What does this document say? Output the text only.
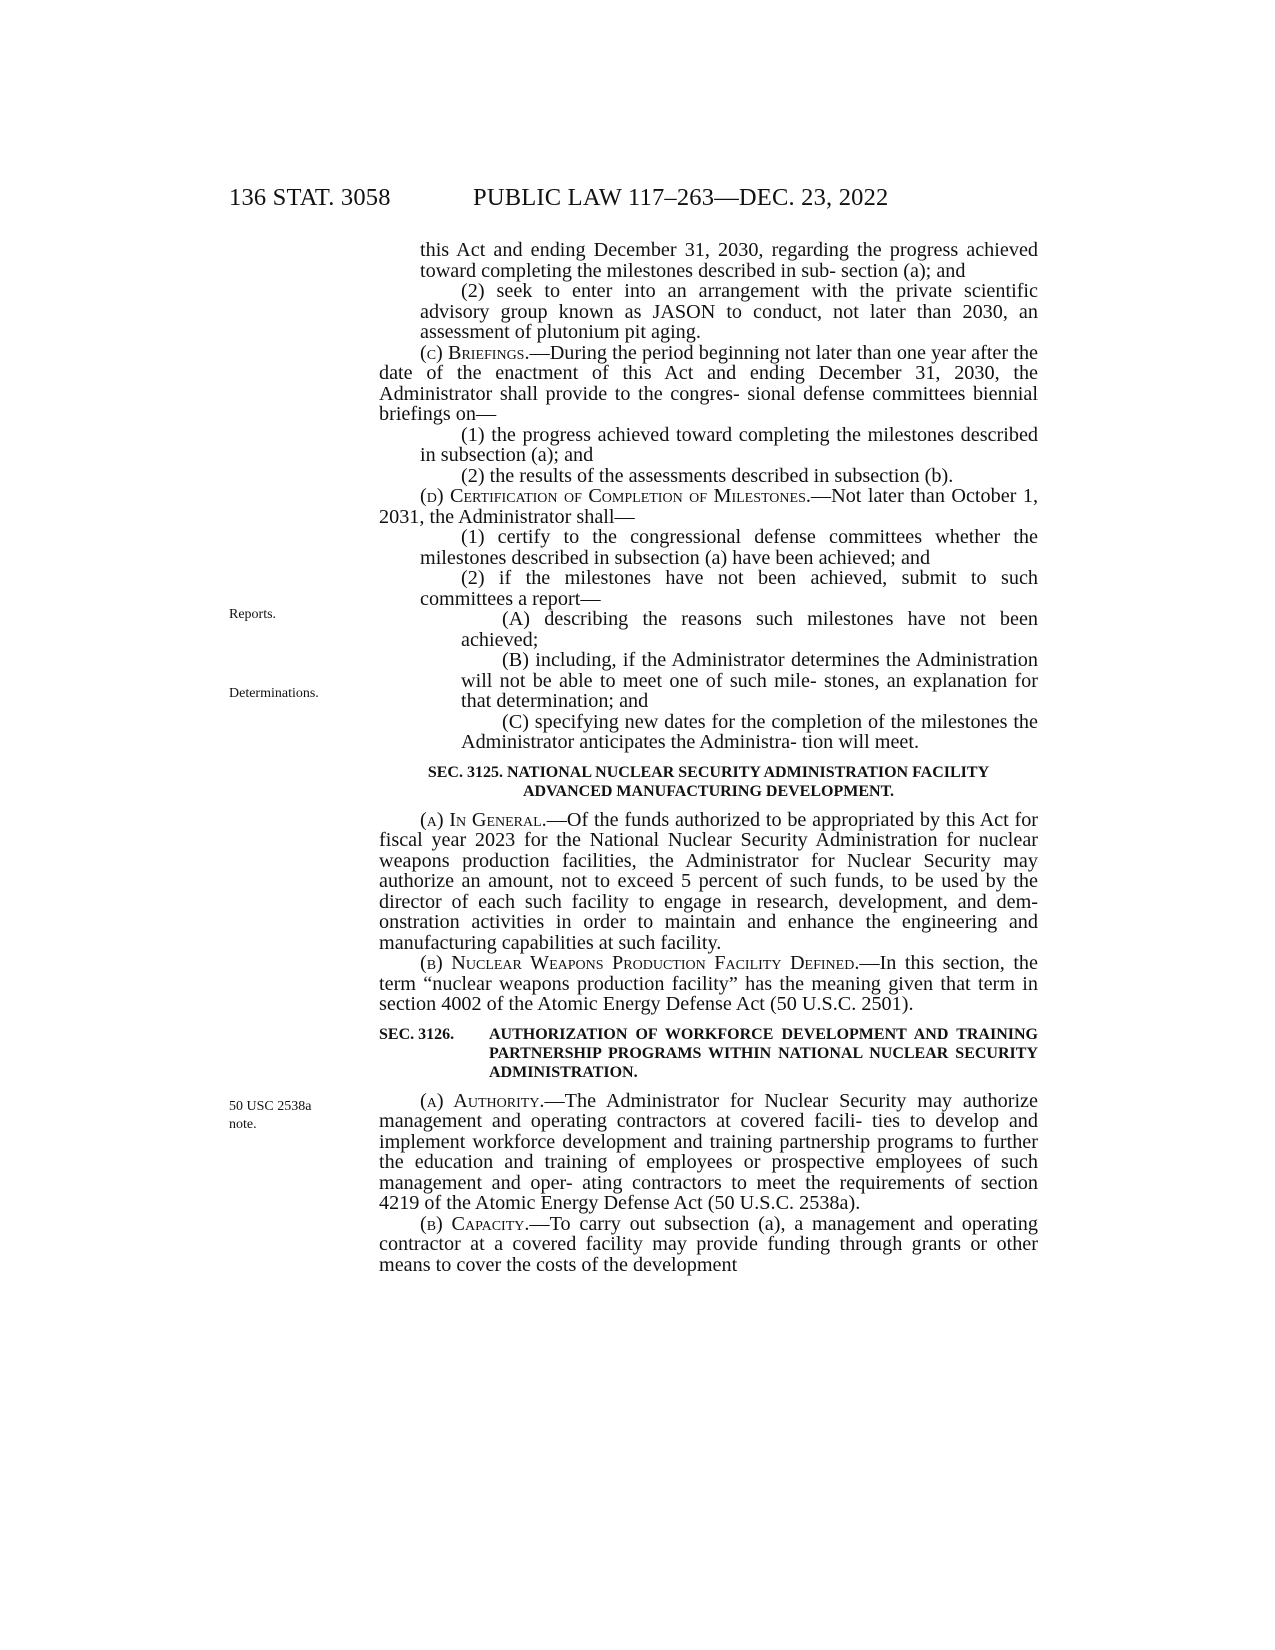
136 STAT. 3058	PUBLIC LAW 117–263—DEC. 23, 2022
Reports.
Determinations.
50 USC 2538a
note.

this Act and ending December 31, 2030, regarding the progress achieved toward completing the milestones described in sub- section (a); and

(2) seek to enter into an arrangement with the private scientific advisory group known as JASON to conduct, not later than 2030, an assessment of plutonium pit aging.

(c) Briefings.—During the period beginning not later than one year after the date of the enactment of this Act and ending December 31, 2030, the Administrator shall provide to the congres- sional defense committees biennial briefings on—

(1) the progress achieved toward completing the milestones described in subsection (a); and

(2) the results of the assessments described in subsection (b).

(d) Certification of Completion of Milestones.—Not later than October 1, 2031, the Administrator shall—

(1) certify to the congressional defense committees whether the milestones described in subsection (a) have been achieved; and

(2) if the milestones have not been achieved, submit to such committees a report—

(A) describing the reasons such milestones have not been achieved;

(B) including, if the Administrator determines the Administration will not be able to meet one of such mile- stones, an explanation for that determination; and

(C) specifying new dates for the completion of the milestones the Administrator anticipates the Administra- tion will meet.

SEC. 3125. NATIONAL NUCLEAR SECURITY ADMINISTRATION FACILITY
ADVANCED MANUFACTURING DEVELOPMENT.

(a) In General.—Of the funds authorized to be appropriated by this Act for fiscal year 2023 for the National Nuclear Security Administration for nuclear weapons production facilities, the Administrator for Nuclear Security may authorize an amount, not to exceed 5 percent of such funds, to be used by the director of each such facility to engage in research, development, and dem- onstration activities in order to maintain and enhance the engineering and manufacturing capabilities at such facility.

(b) Nuclear Weapons Production Facility Defined.—In this section, the term “nuclear weapons production facility” has the meaning given that term in section 4002 of the Atomic Energy Defense Act (50 U.S.C. 2501).

SEC. 3126.	AUTHORIZATION OF WORKFORCE DEVELOPMENT AND TRAINING PARTNERSHIP PROGRAMS WITHIN NATIONAL NUCLEAR SECURITY ADMINISTRATION.

(a) Authority.—The Administrator for Nuclear Security may authorize management and operating contractors at covered facili- ties to develop and implement workforce development and training partnership programs to further the education and training of employees or prospective employees of such management and oper- ating contractors to meet the requirements of section 4219 of the Atomic Energy Defense Act (50 U.S.C. 2538a).

(b) Capacity.—To carry out subsection (a), a management and operating contractor at a covered facility may provide funding through grants or other means to cover the costs of the development
